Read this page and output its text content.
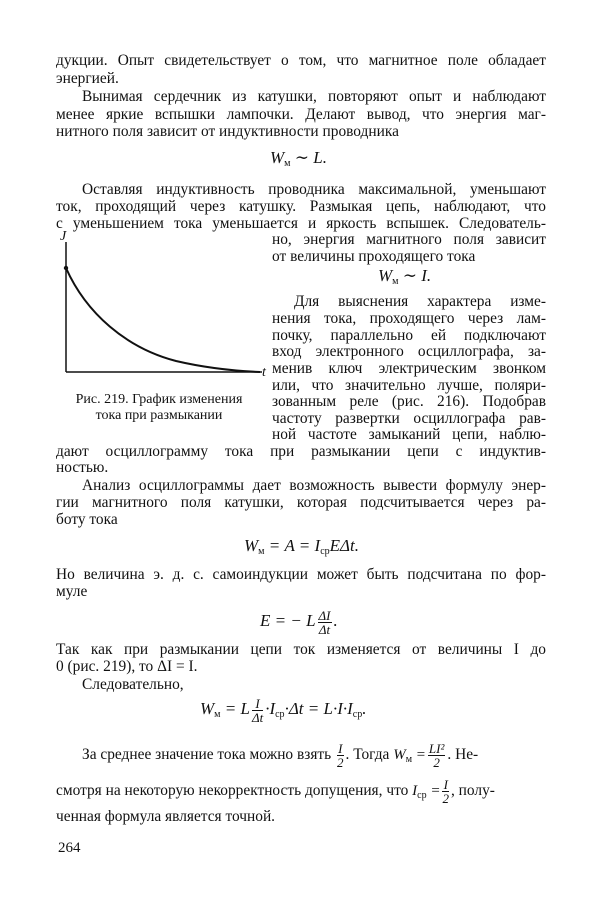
дукции. Опыт свидетельствует о том, что магнитное поле обладает
энергией.
Вынимая сердечник из катушки, повторяют опыт и наблюдают
менее яркие вспышки лампочки. Делают вывод, что энергия маг-
нитного поля зависит от индуктивности проводника
$W_м$ ∼ L.
Оставляя индуктивность проводника максимальной, уменьшают
ток, проходящий через катушку. Размыкая цепь, наблюдают, что
с уменьшением тока уменьшается и яркость вспышек. Следователь-
но, энергия магнитного поля зависит
от величины проходящего тока
$W_м$ ∼ I.
J
t
Рис. 219. График изменения
тока при размыкании
Для выяснения характера изме-
нения тока, проходящего через лам-
почку, параллельно ей подключают
вход электронного осциллографа, за-
менив ключ электрическим звонком
или, что значительно лучше, поляри-
зованным реле (рис. 216). Подобрав
частоту развертки осциллографа рав-
ной частоте замыканий цепи, наблю-
дают осциллограмму тока при размыкании цепи с индуктив-
ностью.
Анализ осциллограммы дает возможность вывести формулу энер-
гии магнитного поля катушки, которая подсчитывается через ра-
боту тока
$W_м = A = I_{ср}E\Delta t$.
Но величина э. д. с. самоиндукции может быть подсчитана по фор-
муле
E = − L $\frac{\Delta I}{\Delta t}$ .
Так как при размыкании цепи ток изменяется от величины I до
0 (рис. 219), то ΔI = I.
Следовательно,
$W_м = L \frac{I}{\Delta t} \cdot I_{ср}\cdot\Delta t = L\cdot I\cdot I_{ср}$.
За среднее значение тока можно взять $\frac{I}{2}$ . Тогда $W_м = \frac{\text{LI²}}{2}$ . Не-
смотря на некоторую некорректность допущения, что $I_{ср} = \frac{I}{2}$ , полу-
ченная формула является точной.
264
